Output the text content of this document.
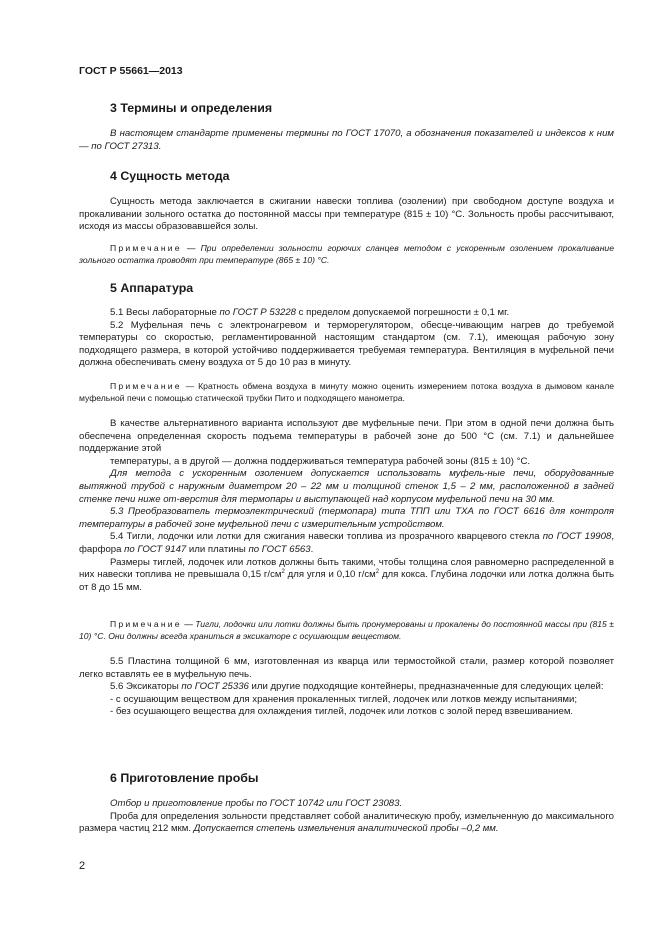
ГОСТ Р 55661—2013
3 Термины и определения

В настоящем стандарте применены термины по ГОСТ 17070, а обозначения показателей и индексов к ним — по ГОСТ 27313.

4 Сущность метода

Сущность метода заключается в сжигании навески топлива (озолении) при свободном доступе воздуха и прокаливании зольного остатка до постоянной массы при температуре (815 ± 10) °С. Зольность пробы рассчитывают, исходя из массы образовавшейся золы.

Примечание — При определении зольности горючих сланцев методом с ускоренным озолением прокаливание зольного остатка проводят при температуре (865 ± 10) °С.

5 Аппаратура

5.1 Весы лабораторные по ГОСТ Р 53228 с пределом допускаемой погрешности ± 0,1 мг.

5.2 Муфельная печь с электронагревом и терморегулятором, обесце-чивающим нагрев до требуемой температуры со скоростью, регламентированной настоящим стандартом (см. 7.1), имеющая рабочую зону подходящего размера, в которой устойчиво поддерживается требуемая температура. Вентиляция в муфельной печи должна обеспечивать смену воздуха от 5 до 10 раз в минуту.

Примечание — Кратность обмена воздуха в минуту можно оценить измерением потока воздуха в дымовом канале муфельной печи с помощью статической трубки Пито и подходящего манометра.

В качестве альтернативного варианта используют две муфельные печи. При этом в одной печи должна быть обеспечена определенная скорость подъема температуры в рабочей зоне до 500 °С (см. 7.1) и дальнейшее поддержание этой

температуры, а в другой — должна поддерживаться температура рабочей зоны (815 ± 10) °С.

Для метода с ускоренным озолением допускается использовать муфель-ные печи, оборудованные вытяжной трубой с наружным диаметром 20 – 22 мм и толщиной стенок 1,5 – 2 мм, расположенной в задней стенке печи ниже от-верстия для термопары и выступающей над корпусом муфельной печи на 30 мм.

5.3 Преобразователь термоэлектрический (термопара) типа ТПП или ТХА по ГОСТ 6616 для контроля температуры в рабочей зоне муфельной печи с измерительным устройством.

5.4 Тигли, лодочки или лотки для сжигания навески топлива из прозрачного кварцевого стекла по ГОСТ 19908, фарфора по ГОСТ 9147 или платины по ГОСТ 6563.

Размеры тиглей, лодочек или лотков должны быть такими, чтобы толщина слоя равномерно распределенной в них навески топлива не превышала 0,15 $г/см^2$ для угля и 0,10 $г/см^2$ для кокса. Глубина лодочки или лотка должна быть от 8 до 15 мм.

Примечание — Тигли, лодочки или лотки должны быть пронумерованы и прокалены до постоянной массы при (815 ± 10) °С. Они должны всегда храниться в эксикаторе с осушающим веществом.

5.5 Пластина толщиной 6 мм, изготовленная из кварца или термостойкой стали, размер которой позволяет легко вставлять ее в муфельную печь.

5.6 Эксикаторы по ГОСТ 25336 или другие подходящие контейнеры, предназначенные для следующих целей:

- с осушающим веществом для хранения прокаленных тиглей, лодочек или лотков между испытаниями;

- без осушающего вещества для охлаждения тиглей, лодочек или лотков с золой перед взвешиванием.

6 Приготовление пробы

Отбор и приготовление пробы по ГОСТ 10742 или ГОСТ 23083.

Проба для определения зольности представляет собой аналитическую пробу, измельченную до максимального размера частиц 212 мкм. Допускается степень измельчения аналитической пробы –0,2 мм.

2
